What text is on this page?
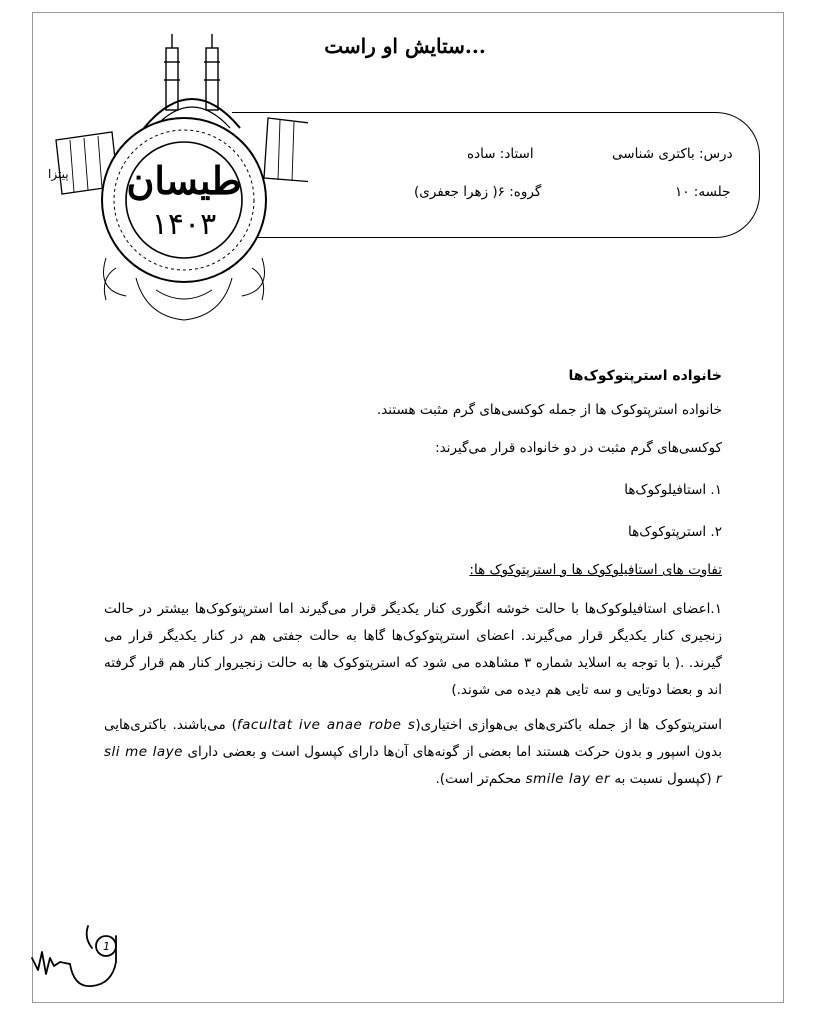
ستایش او راست...
درس: باکتری شناسی
استاد: ساده
جلسه: ۱۰
گروه: ۶( زهرا جعفری)
طیسان
۱۴۰۳
پیتزا

خانواده استرپتوکوک‌ها

خانواده استرپتوکوک ها از جمله کوکسی‌های گرم مثبت هستند.

کوکسی‌های گرم مثبت در دو خانواده قرار می‌گیرند:

۱. استافیلوکوک‌ها

۲. استرپتوکوک‌ها

تفاوت های استافیلوکوک ها و استرپتوکوک ها:

۱.اعضای استافیلوکوک‌ها با حالت خوشه انگوری کنار یکدیگر قرار می‌گیرند اما استرپتوکوک‌ها بیشتر در حالت زنجیری کنار یکدیگر قرار می‌گیرند. اعضای استرپتوکوک‌ها گاها به حالت جفتی هم در کنار یکدیگر قرار می گیرند. .( با توجه به اسلاید شماره ۳ مشاهده می شود که استرپتوکوک ها به حالت زنجیروار کنار هم قرار گرفته اند و بعضا دوتایی و سه تایی هم دیده می شوند.)

استرپتوکوک ها از جمله باکتری‌های بی‌هوازی اختیاری(facultat ive anae robe s) می‌باشند. باکتری‌هایی بدون اسپور و بدون حرکت هستند اما بعضی از گونه‌های آن‌ها دارای کپسول است و بعضی دارای sli me laye r (کپسول نسبت به smile lay er محکم‌تر است).

1
